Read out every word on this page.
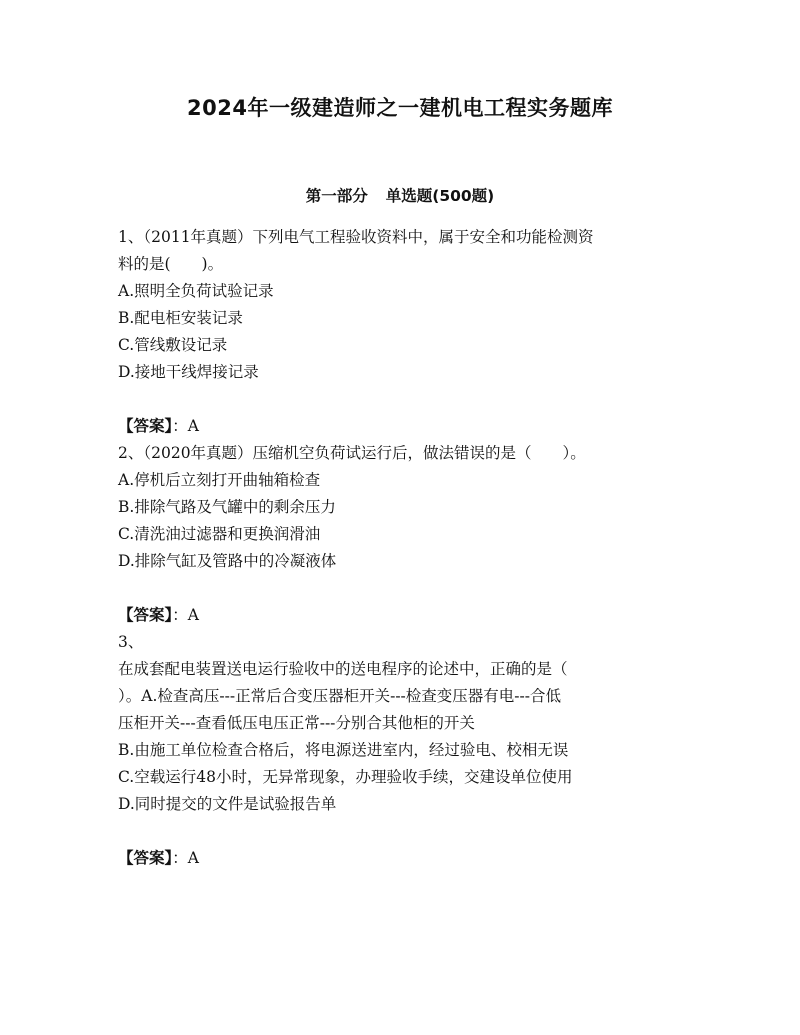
2024年一级建造师之一建机电工程实务题库
第一部分 单选题(500题)
1、（2011年真题）下列电气工程验收资料中，属于安全和功能检测资
料的是(　　)。
A.照明全负荷试验记录
B.配电柜安装记录
C.管线敷设记录
D.接地干线焊接记录
【答案】：A
2、（2020年真题）压缩机空负荷试运行后，做法错误的是（　　）。
A.停机后立刻打开曲轴箱检查
B.排除气路及气罐中的剩余压力
C.清洗油过滤器和更换润滑油
D.排除气缸及管路中的冷凝液体
【答案】：A
3、
在成套配电装置送电运行验收中的送电程序的论述中，正确的是（
）。A.检查高压---正常后合变压器柜开关---检查变压器有电---合低
压柜开关---查看低压电压正常---分别合其他柜的开关
B.由施工单位检查合格后，将电源送进室内，经过验电、校相无误
C.空载运行48小时，无异常现象，办理验收手续，交建设单位使用
D.同时提交的文件是试验报告单
【答案】：A
